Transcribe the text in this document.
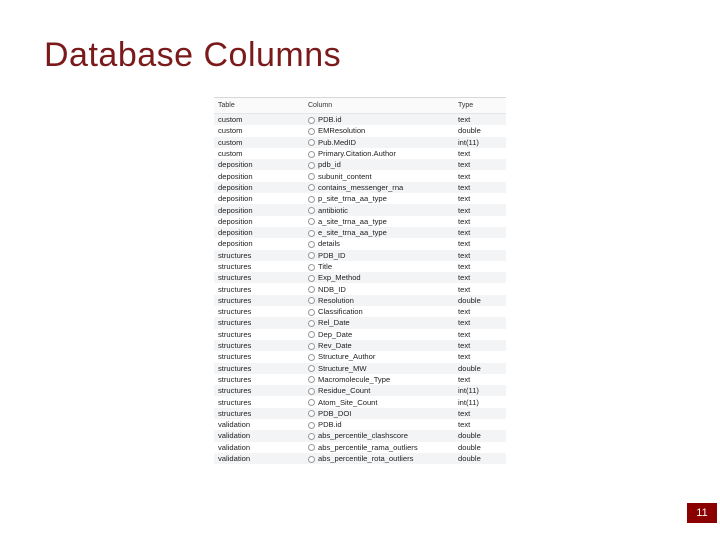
Database Columns
Table	Column	Type
custom	PDB.id	text
custom	EMResolution	double
custom	Pub.MedID	int(11)
custom	Primary.Citation.Author	text
deposition	pdb_id	text
deposition	subunit_content	text
deposition	contains_messenger_rna	text
deposition	p_site_trna_aa_type	text
deposition	antibiotic	text
deposition	a_site_trna_aa_type	text
deposition	e_site_trna_aa_type	text
deposition	details	text
structures	PDB_ID	text
structures	Title	text
structures	Exp_Method	text
structures	NDB_ID	text
structures	Resolution	double
structures	Classification	text
structures	Rel_Date	text
structures	Dep_Date	text
structures	Rev_Date	text
structures	Structure_Author	text
structures	Structure_MW	double
structures	Macromolecule_Type	text
structures	Residue_Count	int(11)
structures	Atom_Site_Count	int(11)
structures	PDB_DOI	text
validation	PDB.id	text
validation	abs_percentile_clashscore	double
validation	abs_percentile_rama_outliers	double
validation	abs_percentile_rota_outliers	double
11
